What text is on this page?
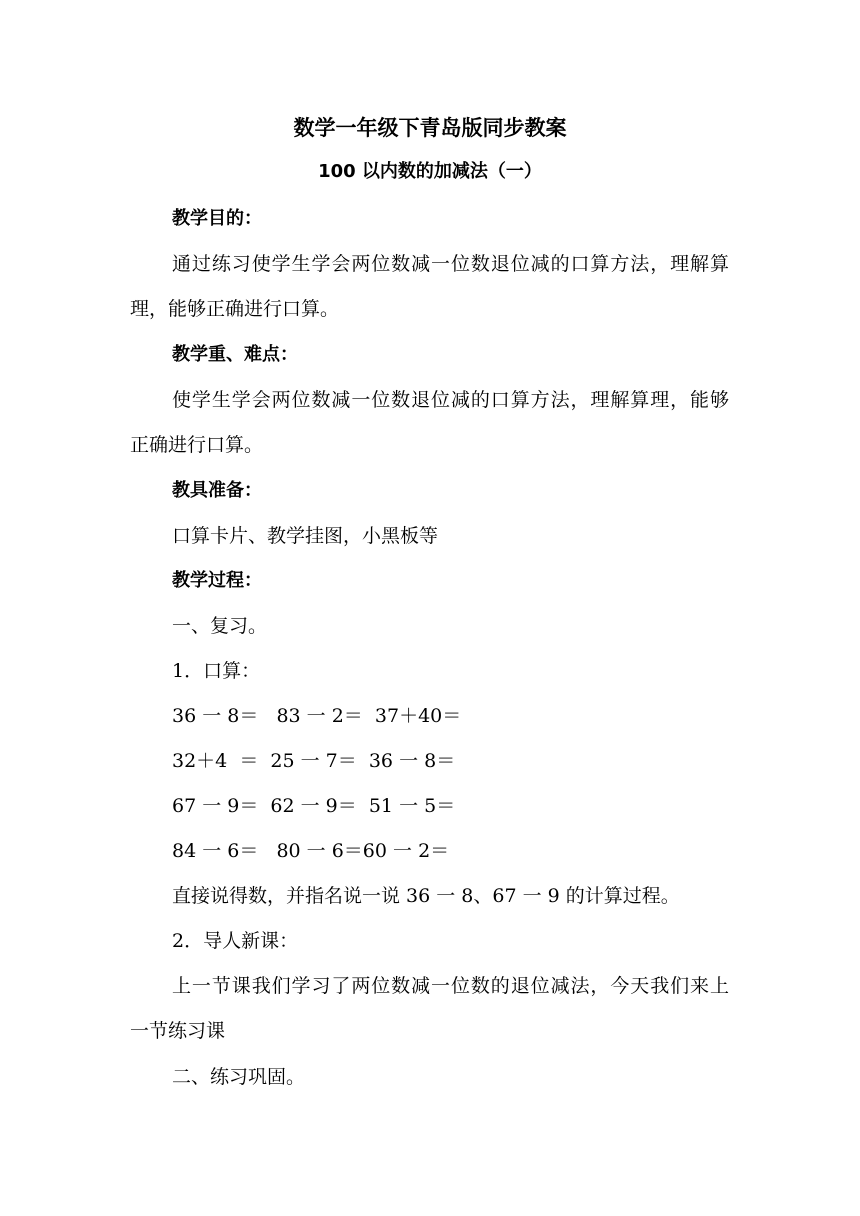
数学一年级下青岛版同步教案
100 以内数的加减法（一）
教学目的：
通过练习使学生学会两位数减一位数退位减的口算方法，理解算
理，能够正确进行口算。
教学重、难点：
使学生学会两位数减一位数退位减的口算方法，理解算理，能够
正确进行口算。
教具准备：
口算卡片、教学挂图，小黑板等
教学过程：
一、复习。
1．口算：
36 一 8＝   83 一 2＝  37＋40＝
32＋4  ＝  25 一 7＝  36 一 8＝
67 一 9＝  62 一 9＝  51 一 5＝
84 一 6＝   80 一 6＝60 一 2＝
直接说得数，并指名说一说 36 一 8、67 一 9 的计算过程。
2．导人新课：
上一节课我们学习了两位数减一位数的退位减法，今天我们来上
一节练习课
二、练习巩固。
